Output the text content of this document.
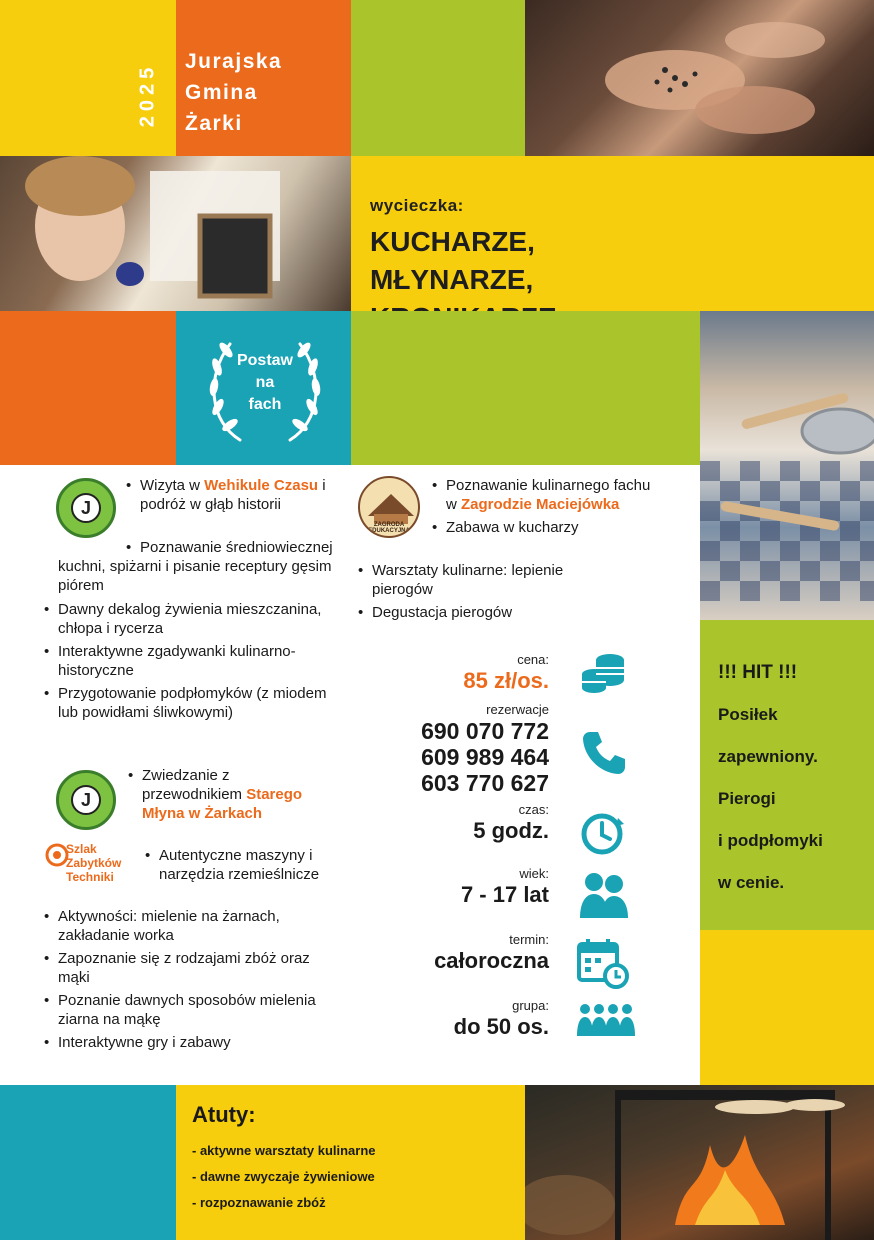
2025
Jurajska
Gmina
Żarki
wycieczka:
KUCHARZE, MŁYNARZE,
Postaw
na
fach
J
• Wizyta w Wehikule Czasu i podróż w głąb historii
• Poznawanie średniowiecznej kuchni, spiżarni i pisanie receptury gęsim piórem
• Dawny dekalog żywienia mieszczanina, chłopa i rycerza
• Interaktywne zgadywanki kulinarno-historyczne
• Przygotowanie podpłomyków (z miodem lub powidłami śliwkowymi)
J
• Zwiedzanie z przewodnikiem Starego Młyna w Żarkach
Szlak
Zabytków
Techniki
• Autentyczne maszyny i narzędzia rzemieślnicze
• Aktywności: mielenie na żarnach, zakładanie worka
• Zapoznanie się z rodzajami zbóż oraz mąki
• Poznanie dawnych sposobów mielenia ziarna na mąkę
• Interaktywne gry i zabawy
ZAGRODA EDUKACYJNA
• Poznawanie kulinarnego fachu w Zagrodzie Maciejówka
• Zabawa w kucharzy
• Warsztaty kulinarne: lepienie pierogów
• Degustacja pierogów
cena:
85 zł/os.
rezerwacje
690 070 772
609 989 464
603 770 627
czas:
5 godz.
wiek:
7 - 17 lat
termin:
całoroczna
grupa:
do 50 os.
!!! HIT !!!
Posiłek
zapewniony.
Pierogi
i podpłomyki
w cenie.
Atuty:
- aktywne warsztaty kulinarne
- dawne zwyczaje żywieniowe
- rozpoznawanie zbóż
